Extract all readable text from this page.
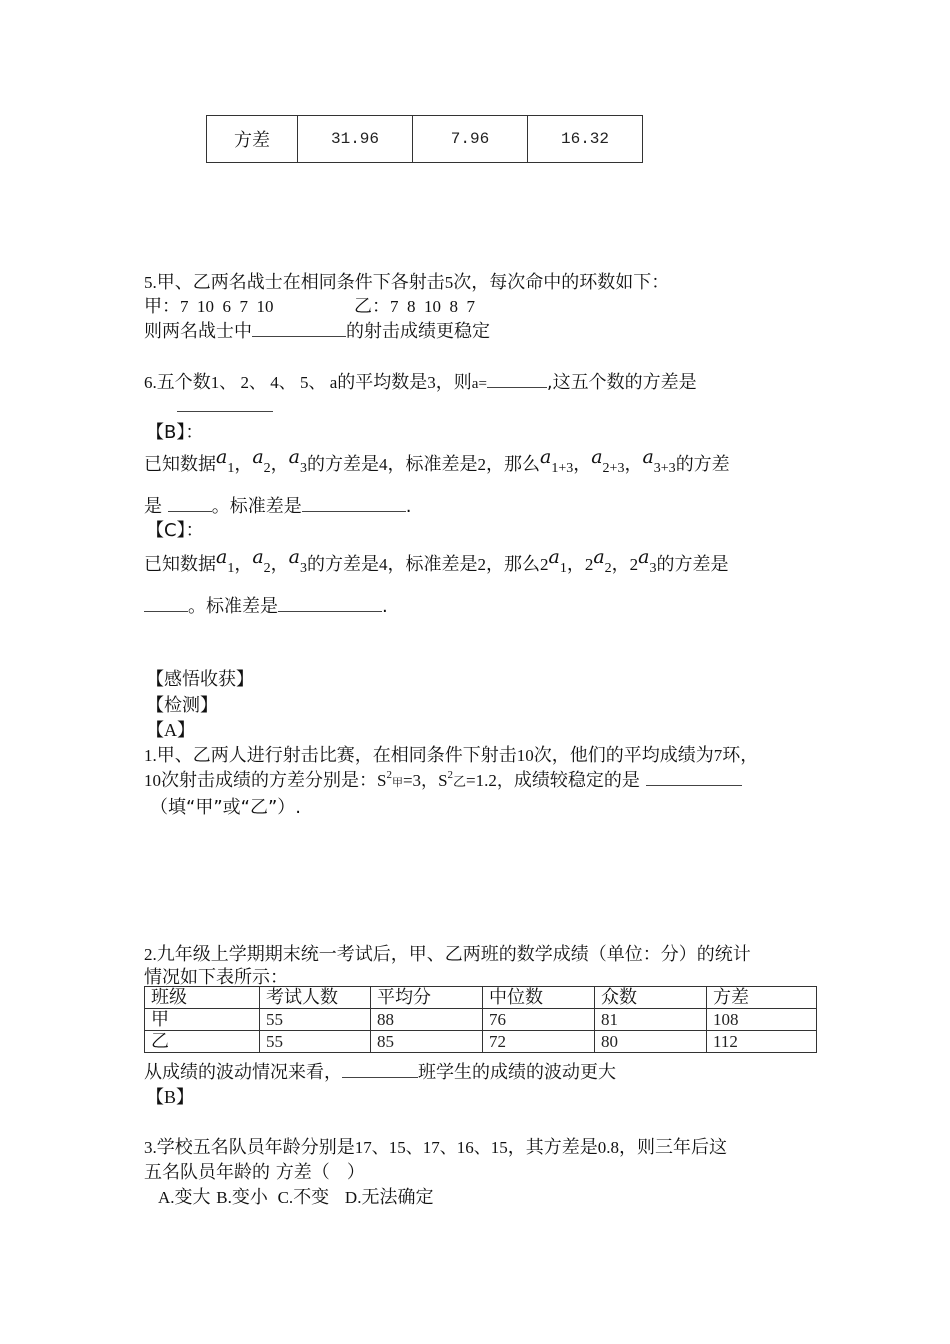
方差	31.96	7.96	16.32
5.甲、乙两名战士在相同条件下各射击5次，每次命中的环数如下：
甲：7  10  6  7  10	乙：7  8  10  8  7
则两名战士中	的射击成绩更稳定
6.五个数1、 2、 4、 5、 a的平均数是3，则a=	,这五个数的方差是
【B】：
已知数据a1，a2，a3的方差是4，标准差是2，那么a1+3，a2+3，a3+3的方差
是	。标准差是	.
【C】：
已知数据a1，a2，a3的方差是4，标准差是2，那么2a1，2a2，2a3的方差是
。标准差是	.
【感悟收获】
【检测】
【A】
1.甲、乙两人进行射击比赛，在相同条件下射击10次，他们的平均成绩为7环，
10次射击成绩的方差分别是：$S^2$甲=3，$S^2$乙=1.2，成绩较稳定的是
（填“甲”或“乙”）.
2.九年级上学期期末统一考试后，甲、乙两班的数学成绩（单位：分）的统计
情况如下表所示：
班级	考试人数	平均分	中位数	众数	方差
甲	55	88	76	81	108
乙	55	85	72	80	112
从成绩的波动情况来看，	班学生的成绩的波动更大
【B】
3.学校五名队员年龄分别是17、15、17、16、15，其方差是0.8，则三年后这
五名队员年龄的 方差（   ）
A.变大 B.变小 C.不变 D.无法确定
